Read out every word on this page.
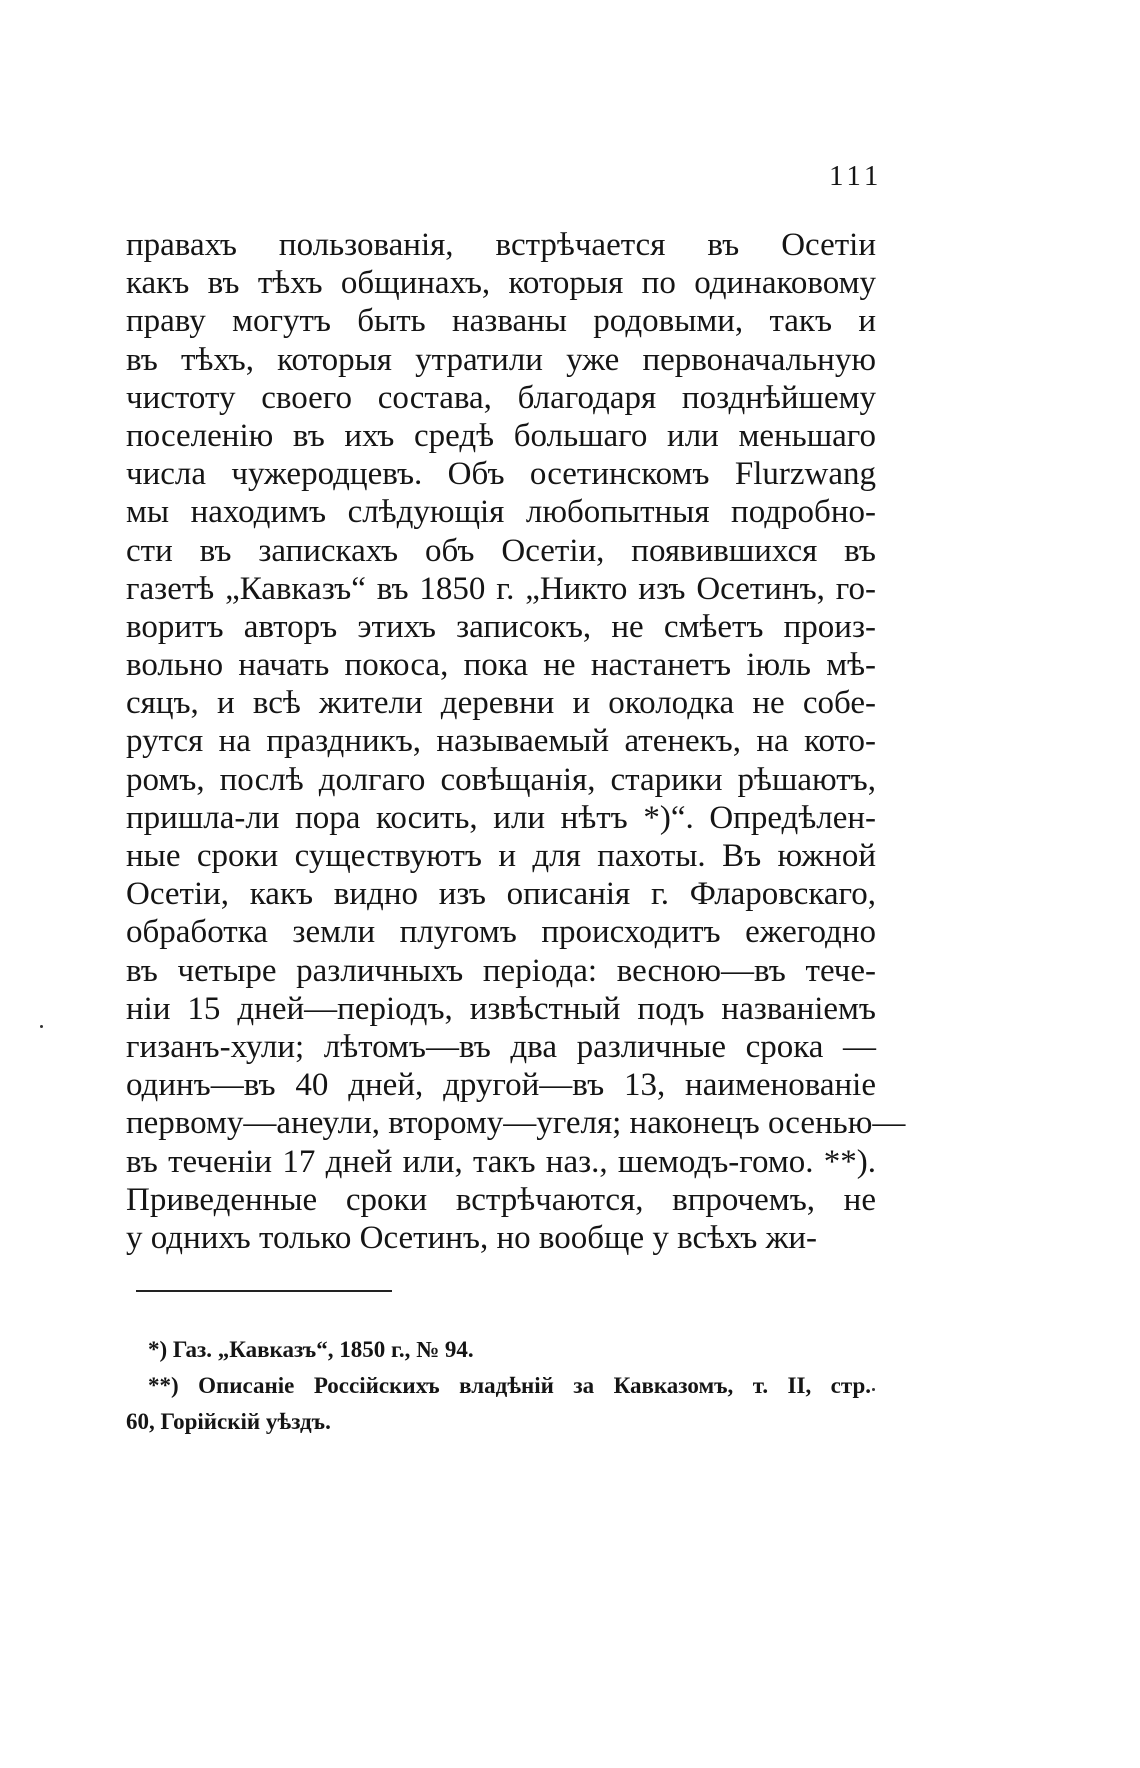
111
правахъ пользованія, встрѣчается въ Осетіи
какъ въ тѣхъ общинахъ, которыя по одинаковому
праву могутъ быть названы родовыми, такъ и
въ тѣхъ, которыя утратили уже первоначальную
чистоту своего состава, благодаря позднѣйшему
поселенію въ ихъ средѣ большаго или меньшаго
числа чужеродцевъ. Объ осетинскомъ Flurzwang
мы находимъ слѣдующія любопытныя подробно-
сти въ запискахъ объ Осетіи, появившихся въ
газетѣ „Кавказъ“ въ 1850 г. „Никто изъ Осетинъ, го-
воритъ авторъ этихъ записокъ, не смѣетъ произ-
вольно начать покоса, пока не настанетъ іюль мѣ-
сяцъ, и всѣ жители деревни и околодка не собе-
рутся на праздникъ, называемый атенекъ, на кото-
ромъ, послѣ долгаго совѣщанія, старики рѣшаютъ,
пришла-ли пора косить, или нѣтъ *)“. Опредѣлен-
ные сроки существуютъ и для пахоты. Въ южной
Осетіи, какъ видно изъ описанія г. Фларовскаго,
обработка земли плугомъ происходитъ ежегодно
въ четыре различныхъ періода: весною—въ тече-
ніи 15 дней—періодъ, извѣстный подъ названіемъ
гизанъ-хули; лѣтомъ—въ два различные срока —
одинъ—въ 40 дней, другой—въ 13, наименованіе
первому—анеули, второму—угеля; наконецъ осенью—
въ теченіи 17 дней или, такъ наз., шемодъ-гомо. **).
Приведенные сроки встрѣчаются, впрочемъ, не
у однихъ только Осетинъ, но вообще у всѣхъ жи-
*) Газ. „Кавказъ“, 1850 г., № 94.
**) Описаніе Россійскихъ владѣній за Кавказомъ, т. II, стр.
60, Горійскій уѣздъ.
